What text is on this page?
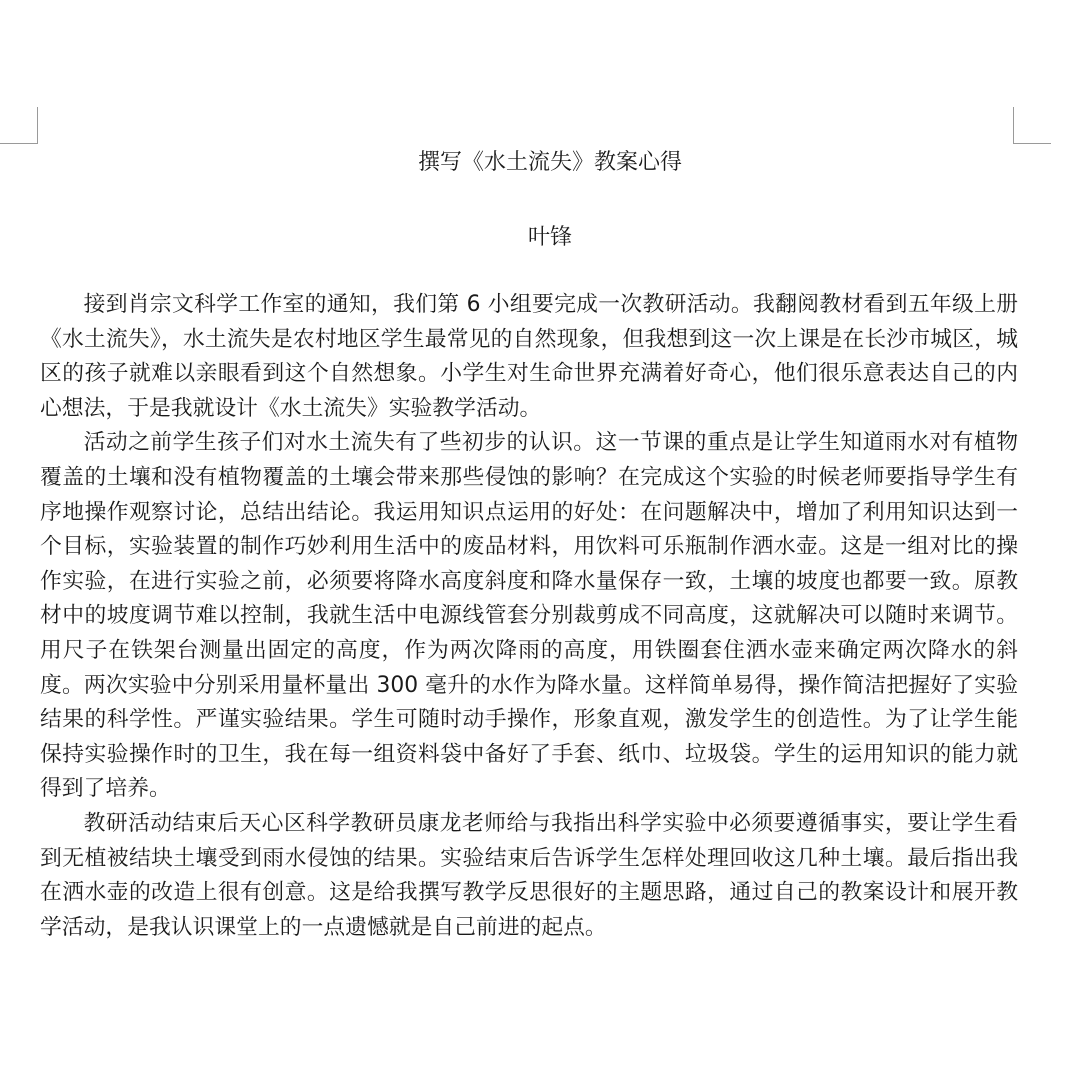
撰写《水土流失》教案心得
叶锋

接到肖宗文科学工作室的通知，我们第 6 小组要完成一次教研活动。我翻阅教材看到五年级上册《水土流失》，水土流失是农村地区学生最常见的自然现象，但我想到这一次上课是在长沙市城区，城区的孩子就难以亲眼看到这个自然想象。小学生对生命世界充满着好奇心，他们很乐意表达自己的内心想法，于是我就设计《水土流失》实验教学活动。

活动之前学生孩子们对水土流失有了些初步的认识。这一节课的重点是让学生知道雨水对有植物覆盖的土壤和没有植物覆盖的土壤会带来那些侵蚀的影响？在完成这个实验的时候老师要指导学生有序地操作观察讨论，总结出结论。我运用知识点运用的好处：在问题解决中，增加了利用知识达到一个目标，实验装置的制作巧妙利用生活中的废品材料，用饮料可乐瓶制作洒水壶。这是一组对比的操作实验，在进行实验之前，必须要将降水高度斜度和降水量保存一致，土壤的坡度也都要一致。原教材中的坡度调节难以控制，我就生活中电源线管套分别裁剪成不同高度，这就解决可以随时来调节。用尺子在铁架台测量出固定的高度，作为两次降雨的高度，用铁圈套住洒水壶来确定两次降水的斜度。两次实验中分别采用量杯量出 300 毫升的水作为降水量。这样简单易得，操作简洁把握好了实验结果的科学性。严谨实验结果。学生可随时动手操作，形象直观，激发学生的创造性。为了让学生能保持实验操作时的卫生，我在每一组资料袋中备好了手套、纸巾、垃圾袋。学生的运用知识的能力就得到了培养。

教研活动结束后天心区科学教研员康龙老师给与我指出科学实验中必须要遵循事实，要让学生看到无植被结块土壤受到雨水侵蚀的结果。实验结束后告诉学生怎样处理回收这几种土壤。最后指出我在洒水壶的改造上很有创意。这是给我撰写教学反思很好的主题思路，通过自己的教案设计和展开教学活动，是我认识课堂上的一点遗憾就是自己前进的起点。
